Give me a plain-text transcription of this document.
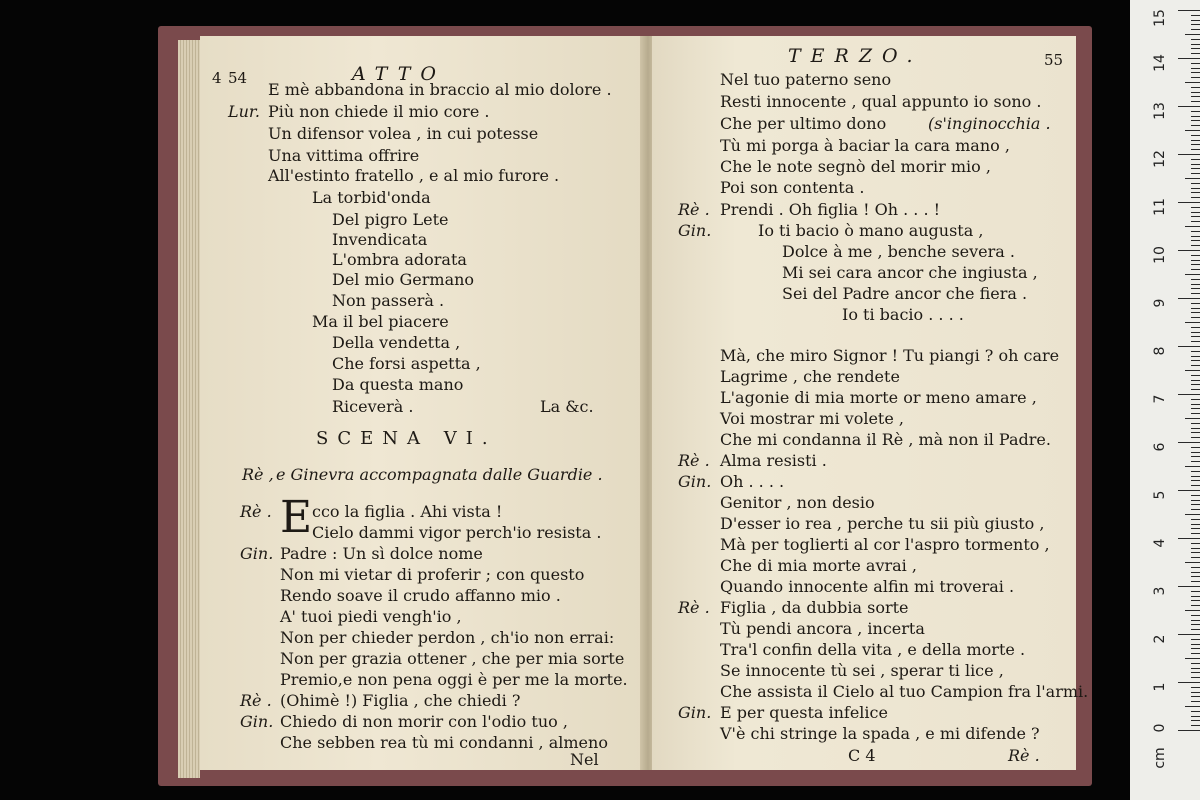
4 54	ATTO
E mè abbandona in braccio al mio dolore .
Lur. Più non chiede il mio core .
Un difensor volea , in cui potesse
Una vittima offrire
All'estinto fratello , e al mio furore .
La torbid'onda
Del pigro Lete
Invendicata
L'ombra adorata
Del mio Germano
Non passerà .
Ma il bel piacere
Della vendetta ,
Che forsi aspetta ,
Da questa mano
Riceverà .	La &c.
SCENA VI.
Rè , e Ginevra accompagnata dalle Guardie .
Rè . E cco la figlia . Ahi vista !
Cielo dammi vigor perch'io resista .
Gin. Padre : Un sì dolce nome
Non mi vietar di proferir ; con questo
Rendo soave il crudo affanno mio .
A' tuoi piedi vengh'io ,
Non per chieder perdon , ch'io non errai:
Non per grazia ottener , che per mia sorte
Premio,e non pena oggi è per me la morte.
Rè . (Ohimè !) Figlia , che chiedi ?
Gin. Chiedo di non morir con l'odio tuo ,
Che sebben rea tù mi condanni , almeno
Nel
TERZO.	55
Nel tuo paterno seno
Resti innocente , qual appunto io sono .
Che per ultimo dono	(s'inginocchia .
Tù mi porga à baciar la cara mano ,
Che le note segnò del morir mio ,
Poi son contenta .
Rè . Prendi . Oh figlia ! Oh . . . !
Gin.	Io ti bacio ò mano augusta ,
Dolce à me , benche severa .
Mi sei cara ancor che ingiusta ,
Sei del Padre ancor che fiera .
Io ti bacio . . . .
Mà, che miro Signor ! Tu piangi ? oh care
Lagrime , che rendete
L'agonie di mia morte or meno amare ,
Voi mostrar mi volete ,
Che mi condanna il Rè , mà non il Padre.
Rè . Alma resisti .
Gin. Oh . . . .
Genitor , non desio
D'esser io rea , perche tu sii più giusto ,
Mà per toglierti al cor l'aspro tormento ,
Che di mia morte avrai ,
Quando innocente alfin mi troverai .
Rè . Figlia , da dubbia sorte
Tù pendi ancora , incerta
Tra'l confin della vita , e della morte .
Se innocente tù sei , sperar ti lice ,
Che assista il Cielo al tuo Campion fra l'armi.
Gin. E per questa infelice
V'è chi stringe la spada , e mi difende ?
C 4	Rè .	cm
0
1
2
3
4
5
6
7
8
9
10
11
12
13
14
15
